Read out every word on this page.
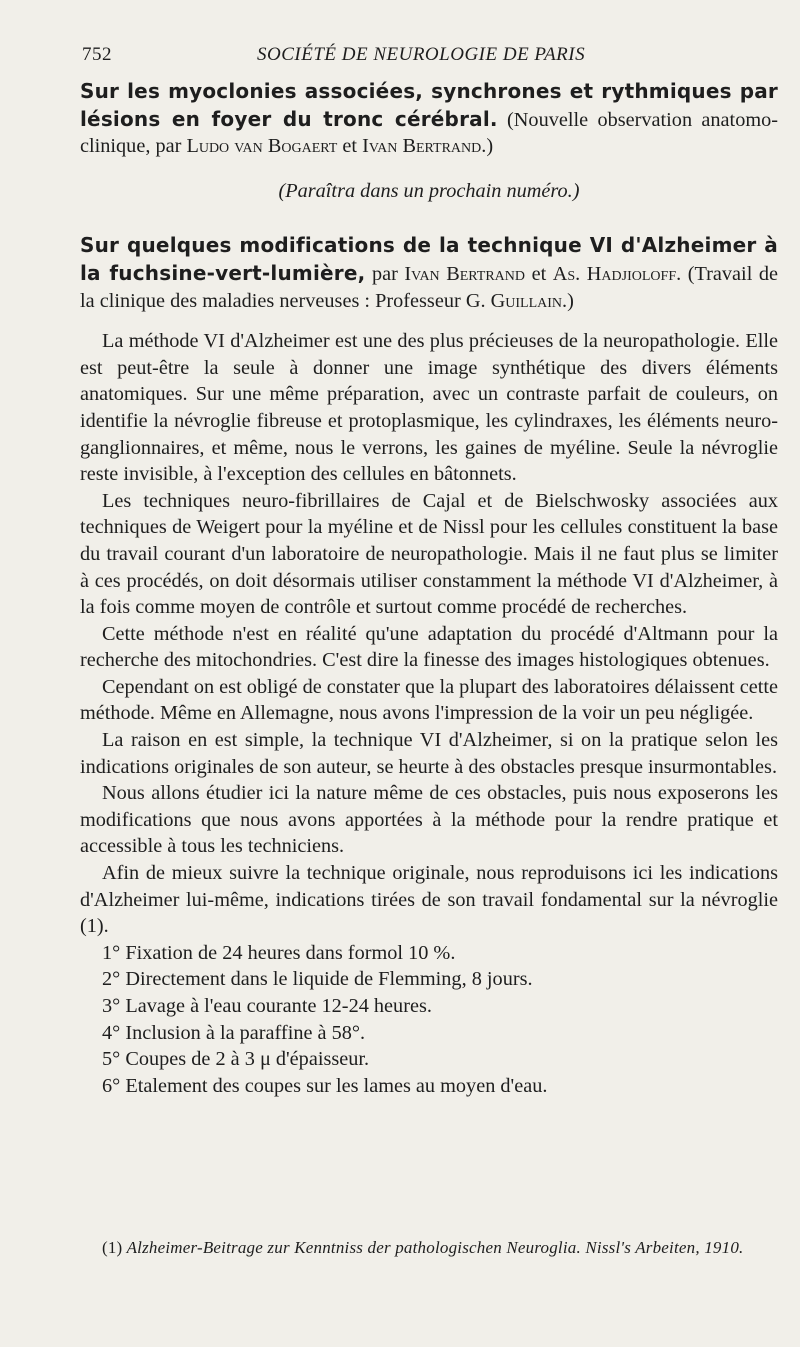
752	SOCIÉTÉ DE NEUROLOGIE DE PARIS

Sur les myoclonies associées, synchrones et rythmiques par lésions en foyer du tronc cérébral. (Nouvelle observation anatomo-clinique, par Ludo van Bogaert et Ivan Bertrand.)

(Paraîtra dans un prochain numéro.)

Sur quelques modifications de la technique VI d'Alzheimer à la fuchsine-vert-lumière, par Ivan Bertrand et As. Hadjioloff. (Travail de la clinique des maladies nerveuses : Professeur G. Guillain.)

La méthode VI d'Alzheimer est une des plus précieuses de la neuropathologie. Elle est peut-être la seule à donner une image synthétique des divers éléments anatomiques. Sur une même préparation, avec un contraste parfait de couleurs, on identifie la névroglie fibreuse et protoplasmique, les cylindraxes, les éléments neuro-ganglionnaires, et même, nous le verrons, les gaines de myéline. Seule la névroglie reste invisible, à l'exception des cellules en bâtonnets.

Les techniques neuro-fibrillaires de Cajal et de Bielschwosky associées aux techniques de Weigert pour la myéline et de Nissl pour les cellules constituent la base du travail courant d'un laboratoire de neuropathologie. Mais il ne faut plus se limiter à ces procédés, on doit désormais utiliser constamment la méthode VI d'Alzheimer, à la fois comme moyen de contrôle et surtout comme procédé de recherches.

Cette méthode n'est en réalité qu'une adaptation du procédé d'Altmann pour la recherche des mitochondries. C'est dire la finesse des images histologiques obtenues.

Cependant on est obligé de constater que la plupart des laboratoires délaissent cette méthode. Même en Allemagne, nous avons l'impression de la voir un peu négligée.

La raison en est simple, la technique VI d'Alzheimer, si on la pratique selon les indications originales de son auteur, se heurte à des obstacles presque insurmontables.

Nous allons étudier ici la nature même de ces obstacles, puis nous exposerons les modifications que nous avons apportées à la méthode pour la rendre pratique et accessible à tous les techniciens.

Afin de mieux suivre la technique originale, nous reproduisons ici les indications d'Alzheimer lui-même, indications tirées de son travail fondamental sur la névroglie (1).

1° Fixation de 24 heures dans formol 10 %.
2° Directement dans le liquide de Flemming, 8 jours.
3° Lavage à l'eau courante 12-24 heures.
4° Inclusion à la paraffine à 58°.
5° Coupes de 2 à 3 μ d'épaisseur.
6° Etalement des coupes sur les lames au moyen d'eau.
(1) Alzheimer-Beitrage zur Kenntniss der pathologischen Neuroglia. Nissl's Arbeiten, 1910.
